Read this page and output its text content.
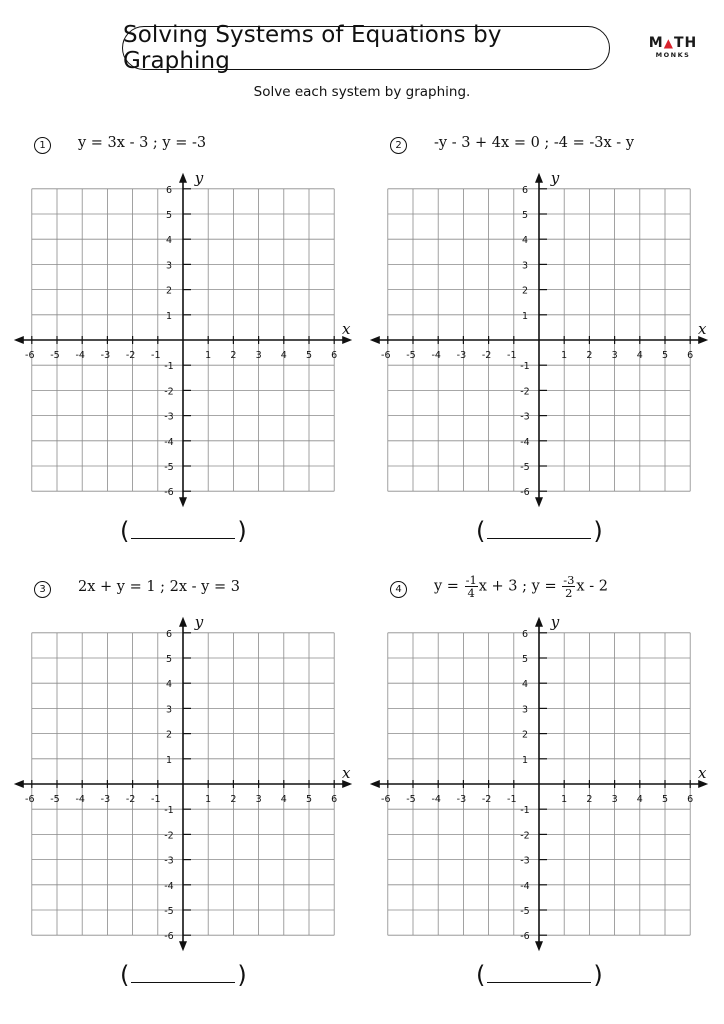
Solving Systems of Equations by Graphing
M▲TH
MONKS
Solve each system by graphing.
1	y = 3x - 3 ; y = -3	2	-y - 3 + 4x = 0 ; -4 = -3x - y
3	2x + y = 1 ; 2x - y = 3	4	$y = \frac{-1}{4}$ x + 3 ; $y = \frac{-3}{2}$ x - 2
-6 -5 -4 -3 -2 -1	1 2 3 4 5 6
6
5
4
3
2
1
-1
-2
-3
-4
-5
-6
x
y
-6 -5 -4 -3 -2 -1	1 2 3 4 5 6
6
5
4
3
2
1
-1
-2
-3
-4
-5
-6
x
y
-6 -5 -4 -3 -2 -1	1 2 3 4 5 6
6
5
4
3
2
1
-1
-2
-3
-4
-5
-6
x
y
-6 -5 -4 -3 -2 -1	1 2 3 4 5 6
6
5
4
3
2
1
-1
-2
-3
-4
-5
-6
x
y
(	)	(	)
(	)	(	)
